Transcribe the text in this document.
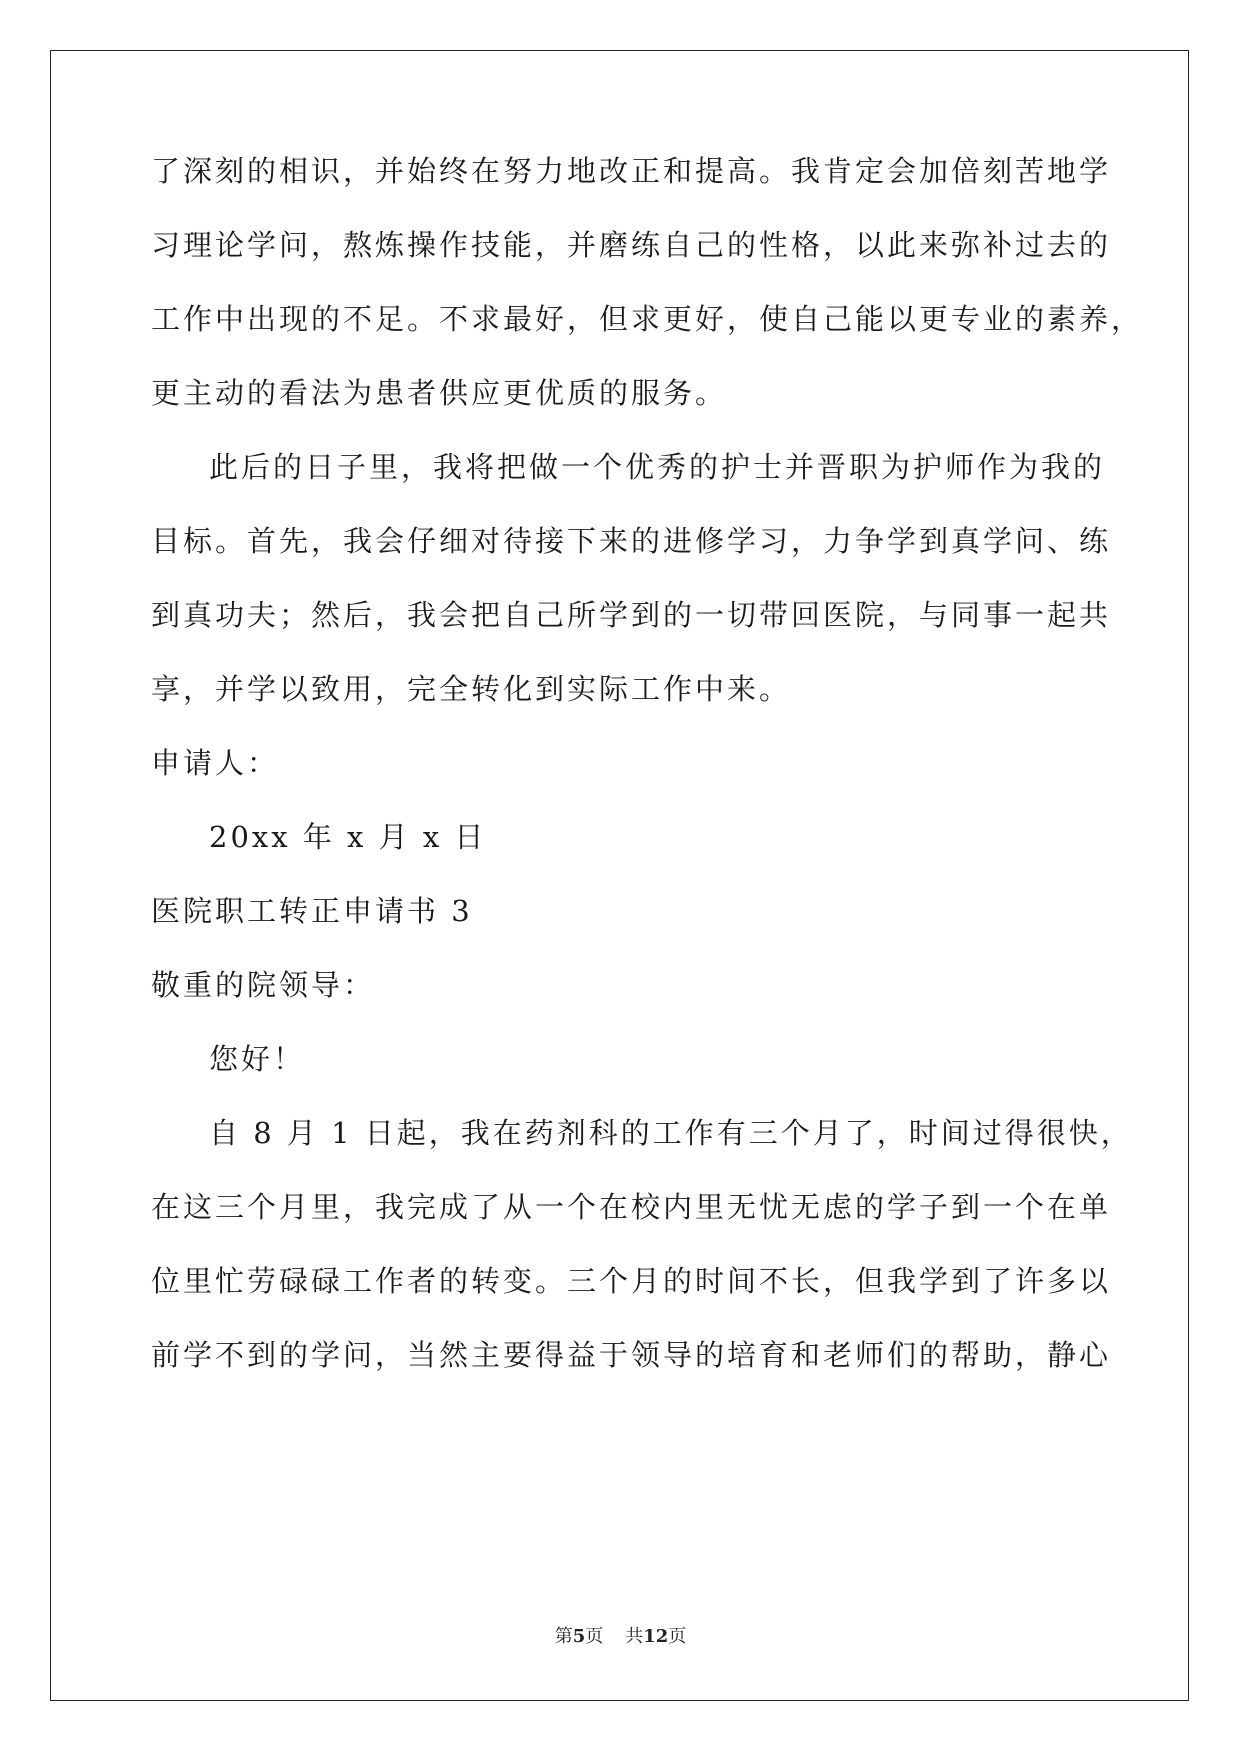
了深刻的相识，并始终在努力地改正和提高。我肯定会加倍刻苦地学
习理论学问，熬炼操作技能，并磨练自己的性格，以此来弥补过去的
工作中出现的不足。不求最好，但求更好，使自己能以更专业的素养，
更主动的看法为患者供应更优质的服务。
此后的日子里，我将把做一个优秀的护士并晋职为护师作为我的
目标。首先，我会仔细对待接下来的进修学习，力争学到真学问、练
到真功夫；然后，我会把自己所学到的一切带回医院，与同事一起共
享，并学以致用，完全转化到实际工作中来。
申请人：
20xx 年 x 月 x 日
医院职工转正申请书 3
敬重的院领导：
您好！
自 8 月 1 日起，我在药剂科的工作有三个月了，时间过得很快，
在这三个月里，我完成了从一个在校内里无忧无虑的学子到一个在单
位里忙劳碌碌工作者的转变。三个月的时间不长，但我学到了许多以
前学不到的学问，当然主要得益于领导的培育和老师们的帮助，静心
第5页 共12页
